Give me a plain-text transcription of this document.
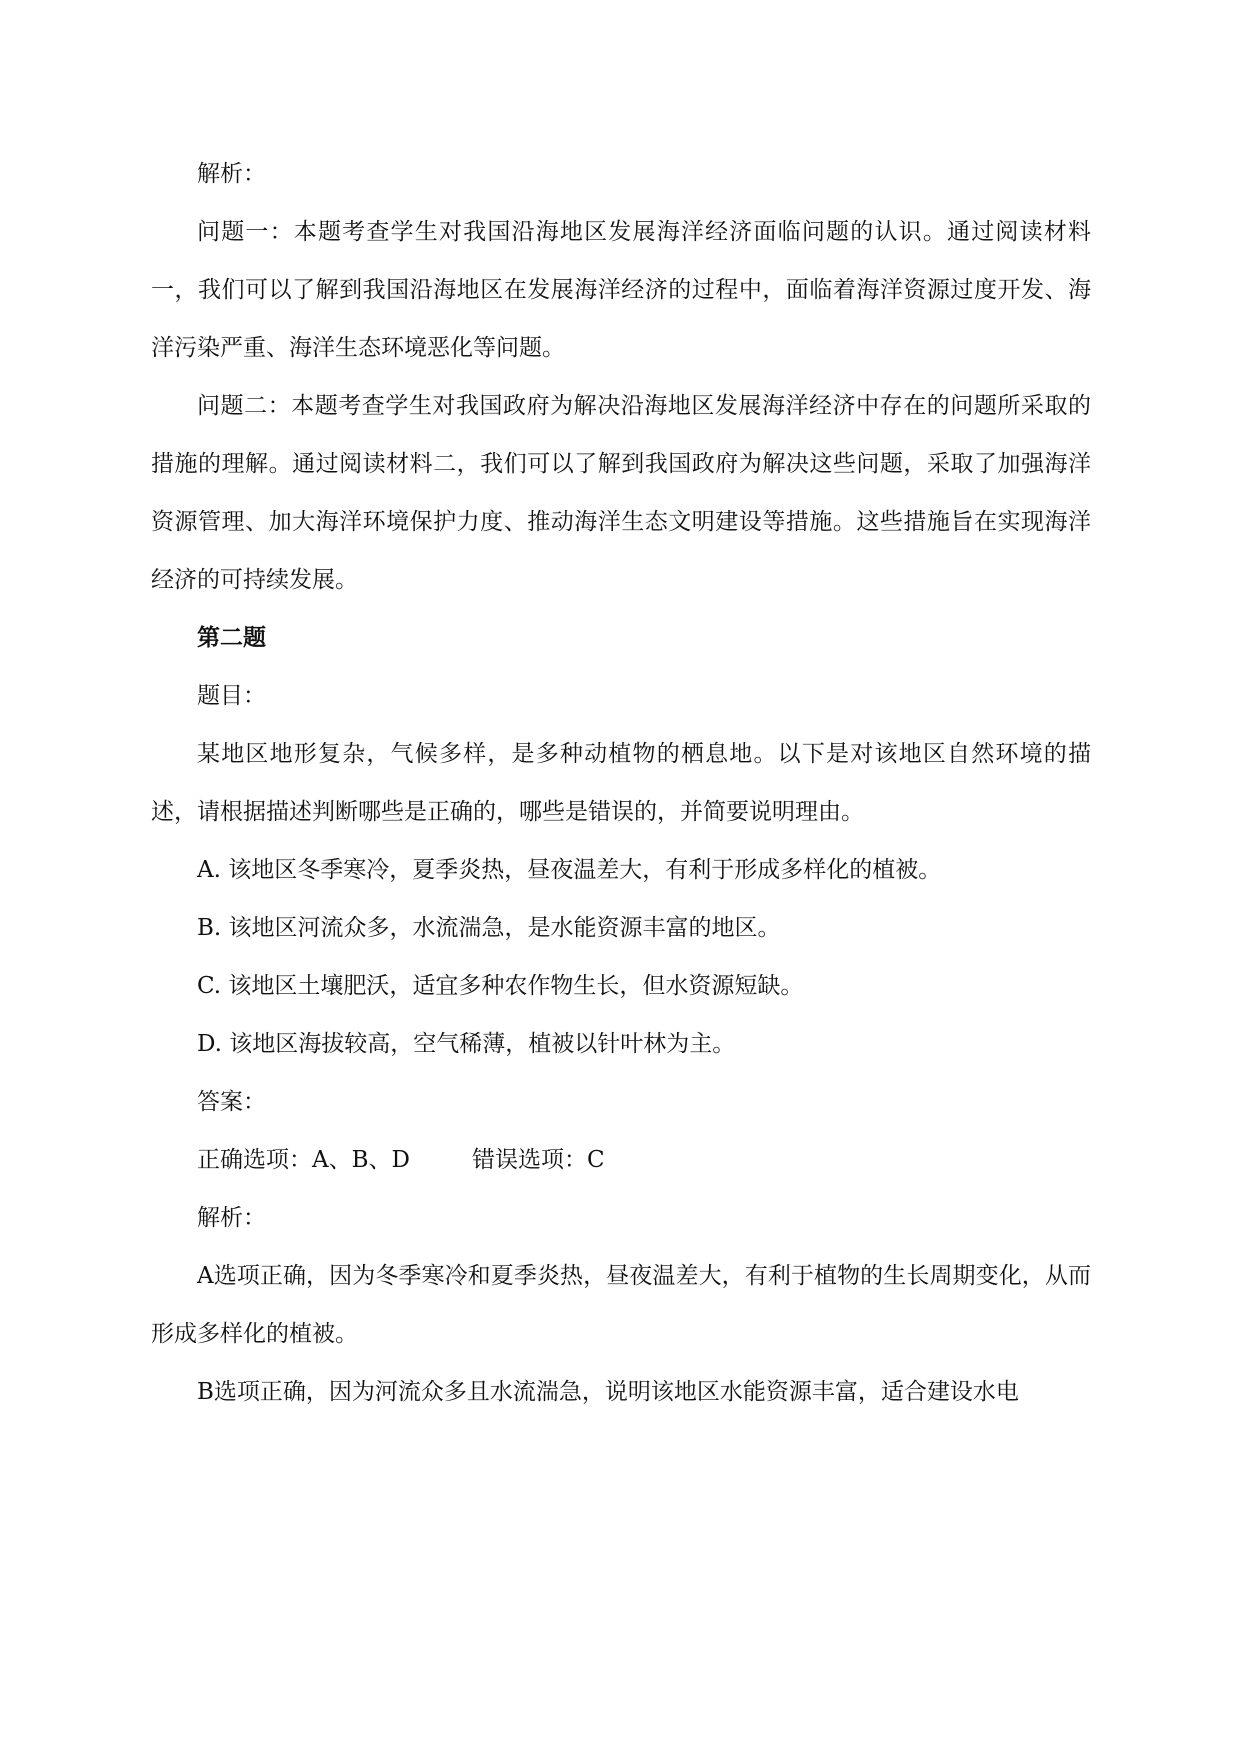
解析：

问题一：本题考查学生对我国沿海地区发展海洋经济面临问题的认识。通过阅读材料一，我们可以了解到我国沿海地区在发展海洋经济的过程中，面临着海洋资源过度开发、海洋污染严重、海洋生态环境恶化等问题。

问题二：本题考查学生对我国政府为解决沿海地区发展海洋经济中存在的问题所采取的措施的理解。通过阅读材料二，我们可以了解到我国政府为解决这些问题，采取了加强海洋资源管理、加大海洋环境保护力度、推动海洋生态文明建设等措施。这些措施旨在实现海洋经济的可持续发展。

第二题

题目：

某地区地形复杂，气候多样，是多种动植物的栖息地。以下是对该地区自然环境的描述，请根据描述判断哪些是正确的，哪些是错误的，并简要说明理由。

A. 该地区冬季寒冷，夏季炎热，昼夜温差大，有利于形成多样化的植被。

B. 该地区河流众多，水流湍急，是水能资源丰富的地区。

C. 该地区土壤肥沃，适宜多种农作物生长，但水资源短缺。

D. 该地区海拔较高，空气稀薄，植被以针叶林为主。

答案：

正确选项：A、B、D	错误选项：C

解析：

A选项正确，因为冬季寒冷和夏季炎热，昼夜温差大，有利于植物的生长周期变化，从而形成多样化的植被。

B选项正确，因为河流众多且水流湍急，说明该地区水能资源丰富，适合建设水电
